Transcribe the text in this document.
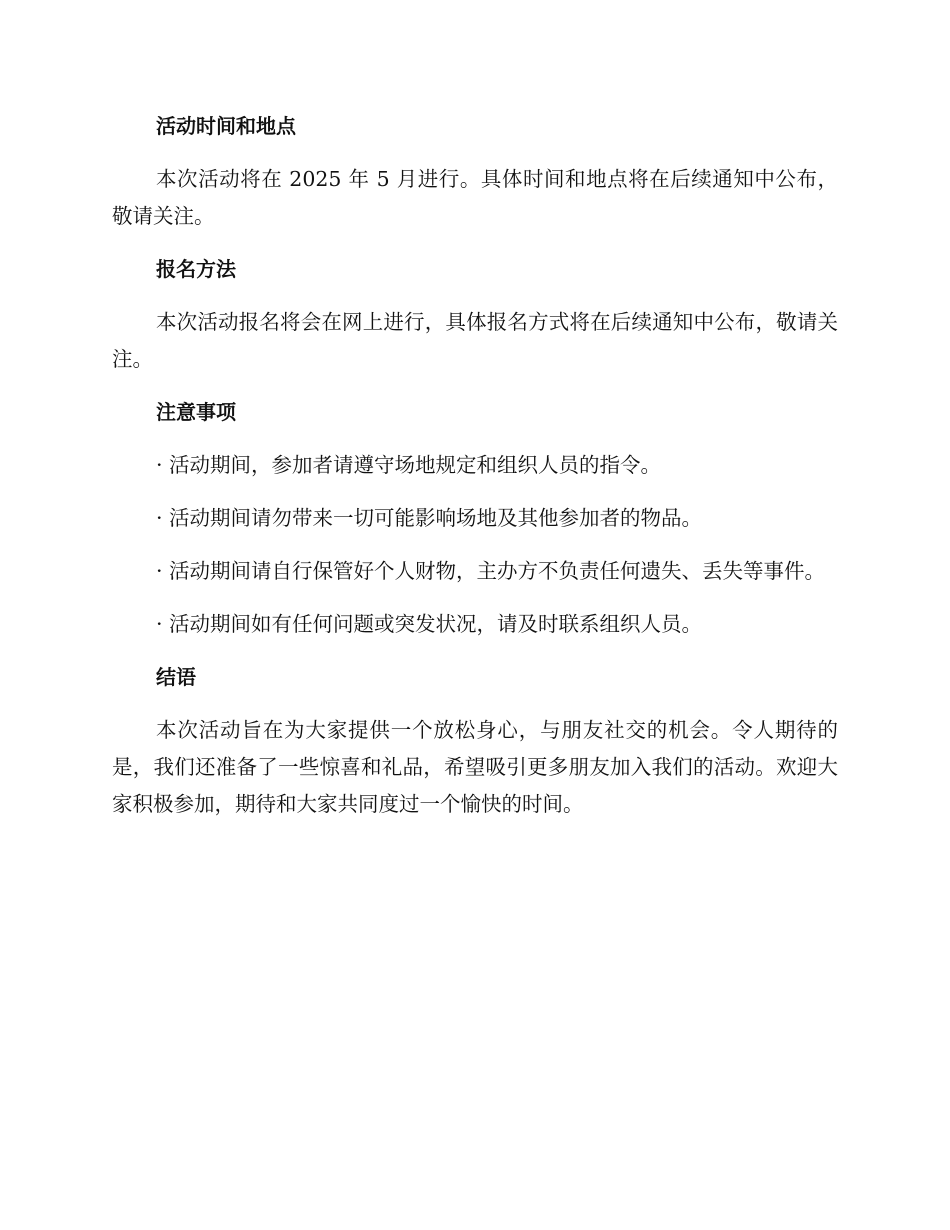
活动时间和地点
本次活动将在 2025 年 5 月进行。具体时间和地点将在后续通知中公布，敬请关注。
报名方法
本次活动报名将会在网上进行，具体报名方式将在后续通知中公布，敬请关注。
注意事项
· 活动期间，参加者请遵守场地规定和组织人员的指令。
· 活动期间请勿带来一切可能影响场地及其他参加者的物品。
· 活动期间请自行保管好个人财物，主办方不负责任何遗失、丢失等事件。
· 活动期间如有任何问题或突发状况，请及时联系组织人员。
结语
本次活动旨在为大家提供一个放松身心，与朋友社交的机会。令人期待的是，我们还准备了一些惊喜和礼品，希望吸引更多朋友加入我们的活动。欢迎大家积极参加，期待和大家共同度过一个愉快的时间。
